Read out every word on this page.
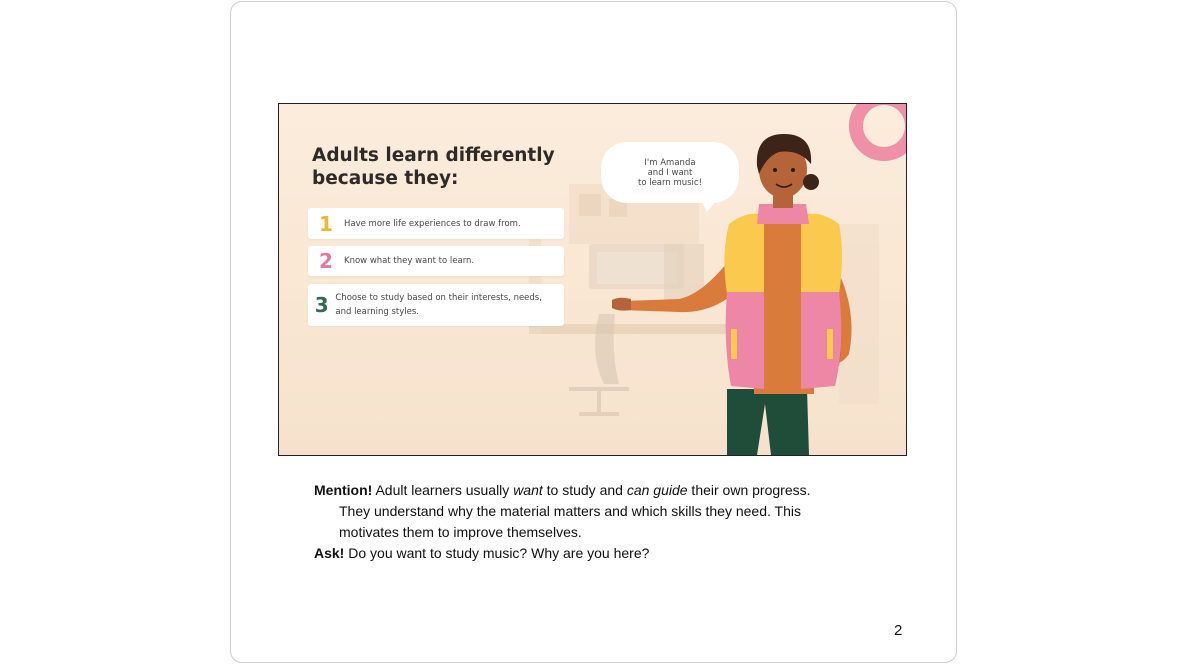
Adults learn differently
because they:
1	Have more life experiences to draw from.
2	Know what they want to learn.
3 Choose to study based on their interests, needs, and learning styles.
I'm Amanda
and I want
to learn music!

Mention! Adult learners usually want to study and can guide their own progress.

They understand why the material matters and which skills they need. This

motivates them to improve themselves.

Ask! Do you want to study music? Why are you here?

2
